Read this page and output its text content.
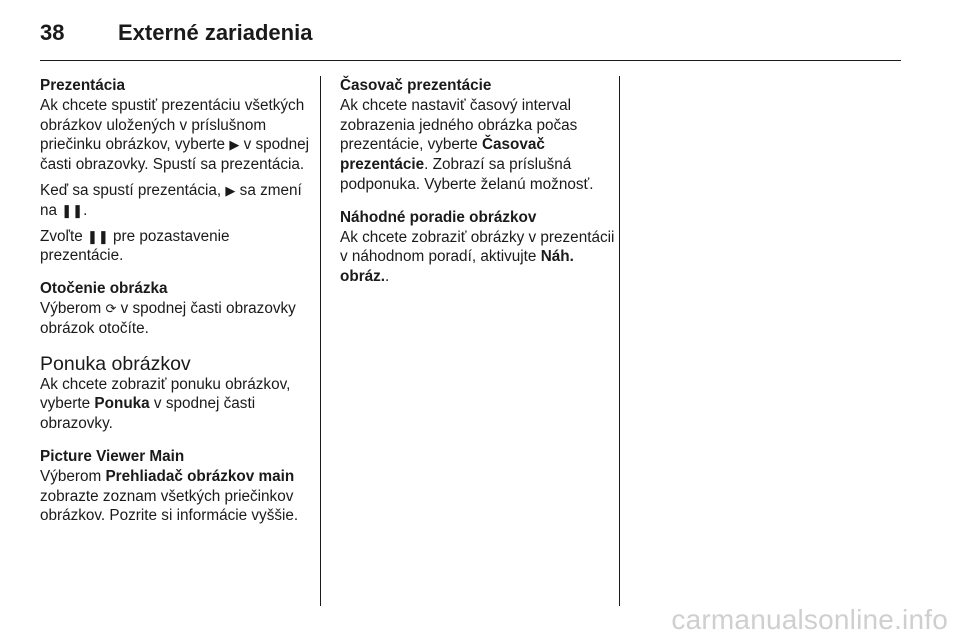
38 Externé zariadenia
Prezentácia

Ak chcete spustiť prezentáciu všetkých obrázkov uložených v príslušnom priečinku obrázkov, vyberte ▶ v spodnej časti obrazovky. Spustí sa prezentácia.

Keď sa spustí prezentácia, ▶ sa zmení na ❚❚.

Zvoľte ❚❚ pre pozastavenie prezentácie.

Otočenie obrázka

Výberom ⟳ v spodnej časti obrazovky obrázok otočíte.

Ponuka obrázkov

Ak chcete zobraziť ponuku obrázkov, vyberte Ponuka v spodnej časti obrazovky.

Picture Viewer Main

Výberom Prehliadač obrázkov main zobrazte zoznam všetkých priečinkov obrázkov. Pozrite si informácie vyššie.

Časovač prezentácie

Ak chcete nastaviť časový interval zobrazenia jedného obrázka počas prezentácie, vyberte Časovač prezentácie. Zobrazí sa príslušná podponuka. Vyberte želanú možnosť.

Náhodné poradie obrázkov

Ak chcete zobraziť obrázky v prezentácii v náhodnom poradí, aktivujte Náh. obráz..

carmanualsonline.info
